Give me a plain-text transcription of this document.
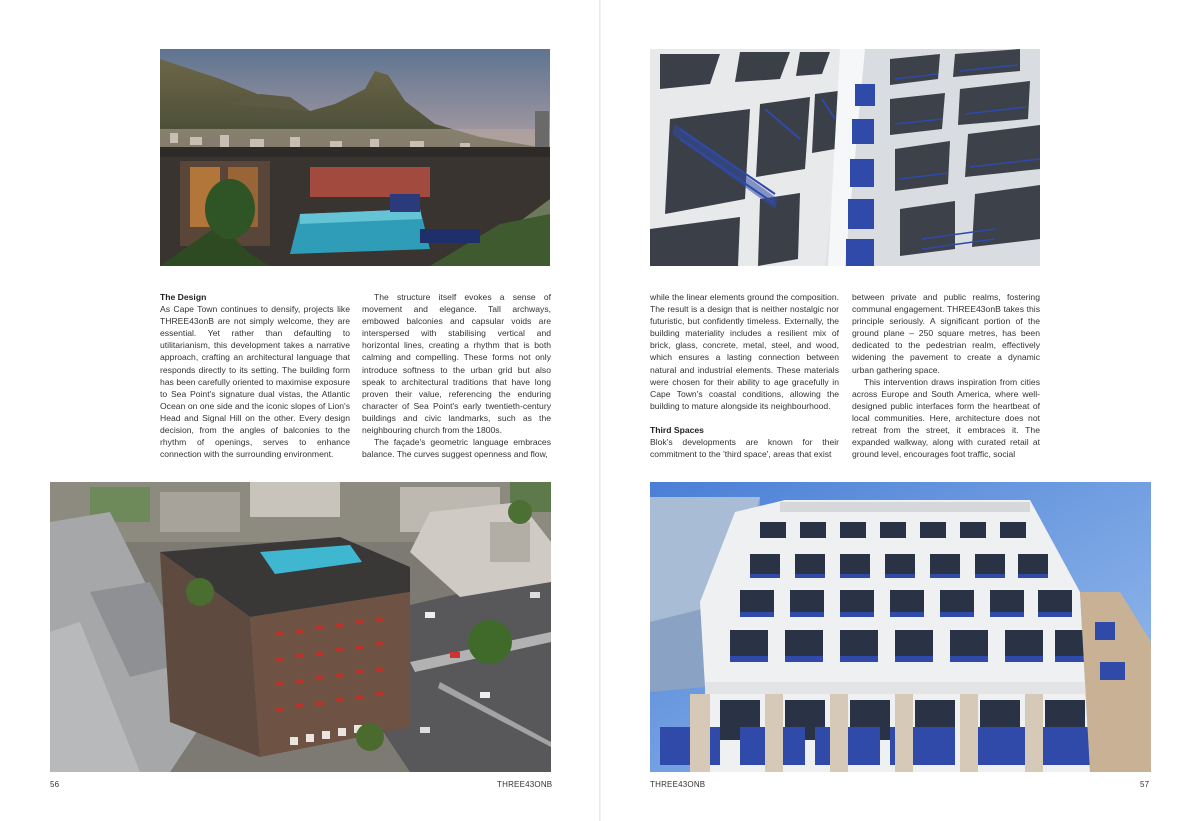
The Design

As Cape Town continues to densify, projects like THREE43onB are not simply welcome, they are essential. Yet rather than defaulting to utilitarianism, this development takes a narrative approach, crafting an architectural language that responds directly to its setting. The building form has been carefully oriented to maximise exposure to Sea Point's signature dual vistas, the Atlantic Ocean on one side and the iconic slopes of Lion's Head and Signal Hill on the other. Every design decision, from the angles of balconies to the rhythm of openings, serves to enhance connection with the surrounding environment.

The structure itself evokes a sense of movement and elegance. Tall archways, embowed balconies and capsular voids are interspersed with stabilising vertical and horizontal lines, creating a rhythm that is both calming and compelling. These forms not only introduce softness to the urban grid but also speak to architectural traditions that have long proven their value, referencing the enduring character of Sea Point's early twentieth-century buildings and civic landmarks, such as the neighbouring church from the 1800s.

The façade's geometric language embraces balance. The curves suggest openness and flow,

56	THREE43ONB

while the linear elements ground the composition. The result is a design that is neither nostalgic nor futuristic, but confidently timeless. Externally, the building materiality includes a resilient mix of brick, glass, concrete, metal, steel, and wood, which ensures a lasting connection between natural and industrial elements. These materials were chosen for their ability to age gracefully in Cape Town's coastal conditions, allowing the building to mature alongside its neighbourhood.

Third Spaces

Blok's developments are known for their commitment to the 'third space', areas that exist

between private and public realms, fostering communal engagement. THREE43onB takes this principle seriously. A significant portion of the ground plane – 250 square metres, has been dedicated to the pedestrian realm, effectively widening the pavement to create a dynamic urban gathering space.

This intervention draws inspiration from cities across Europe and South America, where well-designed public interfaces form the heartbeat of local communities. Here, architecture does not retreat from the street, it embraces it. The expanded walkway, along with curated retail at ground level, encourages foot traffic, social

THREE43ONB	57
